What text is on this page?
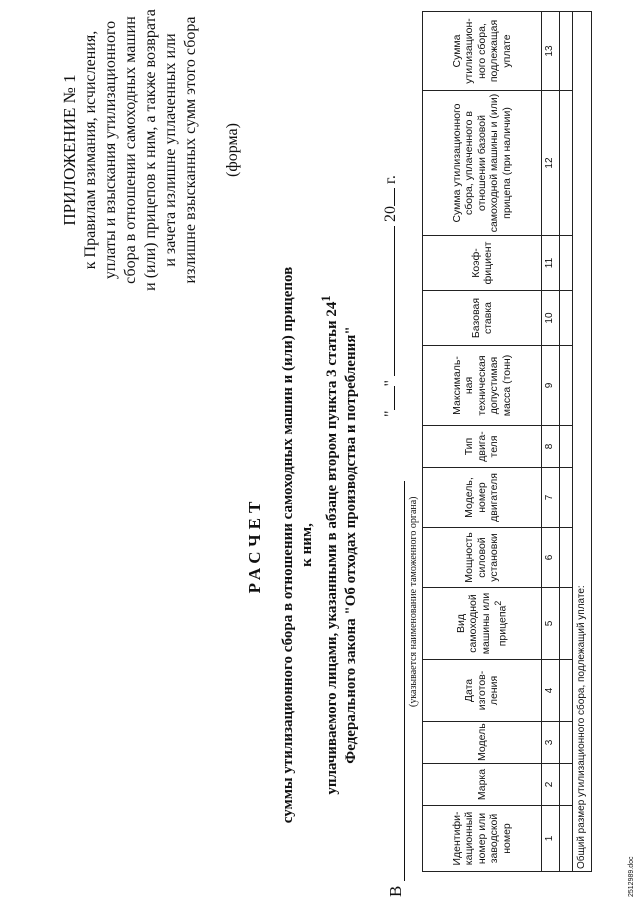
ПРИЛОЖЕНИЕ № 1 к Правилам взимания, исчисления, уплаты и взыскания утилизационного сбора в отношении самоходных машин и (или) прицепов к ним, а также возврата и зачета излишне уплаченных или излишне взысканных сумм этого сбора (форма)
РАСЧЕТ суммы утилизационного сбора в отношении самоходных машин и (или) прицепов к ним, уплачиваемого лицами, указанными в абзаце втором пункта 3 статьи $24^1$
Федерального закона "Об отходах производства и потребления"
В
(указывается наименование таможенного органа)
""  20 г.
Идентифи-кационный номер или заводской номер	Марка	Модель	Дата изготов-ления	Вид самоходной машины или прицепа$^2$	Мощность силовой установки	Модель, номер двигателя	Тип двига-теля	Максималь-ная техническая допустимая масса (тонн)	Базовая ставка	Коэф-фициент	Сумма утилизационного сбора, уплаченного в отношении базовой самоходной машины и (или) прицепа (при наличии)	Сумма утилизацион-ного сбора, подлежащая уплате
1	2	3	4	5	6	7	8	9	10	11	12	13

Общий размер утилизационного сбора, подлежащий уплате:												
2512989.doc
